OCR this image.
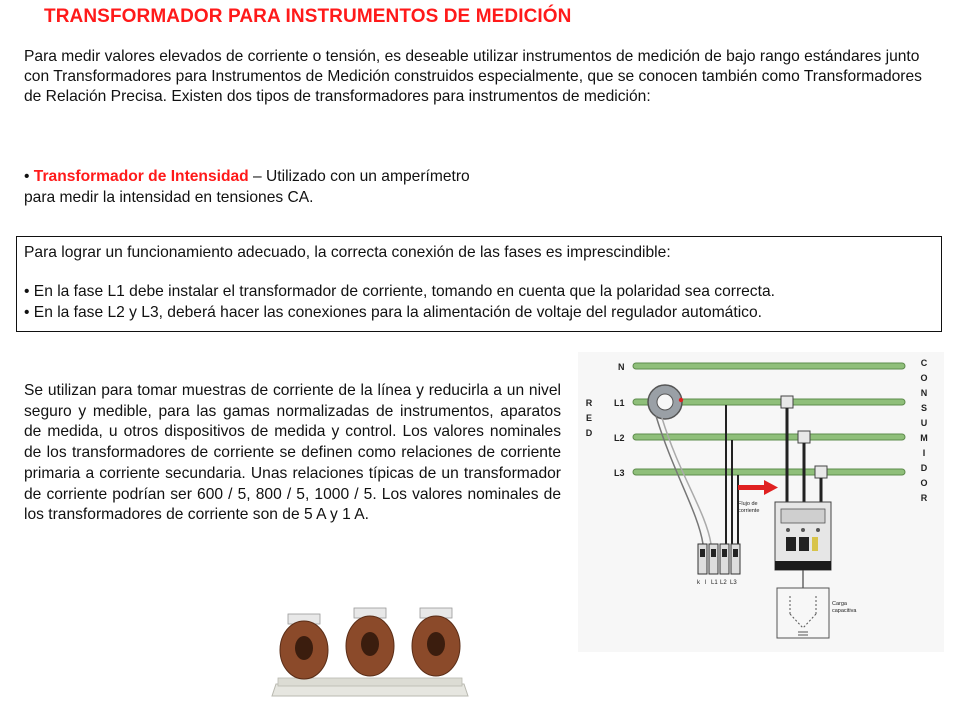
TRANSFORMADOR PARA INSTRUMENTOS DE MEDICIÓN

Para medir valores elevados de corriente o tensión, es deseable utilizar instrumentos de medición de bajo rango estándares junto con Transformadores para Instrumentos de Medición construidos especialmente, que se conocen también como Transformadores de Relación Precisa. Existen dos tipos de transformadores para instrumentos de medición:

• Transformador de Intensidad – Utilizado con un amperímetro
para medir la intensidad en tensiones CA.

Para lograr un funcionamiento adecuado, la correcta conexión de las fases es imprescindible:

• En la fase L1 debe instalar el transformador de corriente, tomando en cuenta que la polaridad sea correcta.

• En la fase L2 y L3, deberá hacer las conexiones para la alimentación de voltaje del regulador automático.

Se utilizan para tomar muestras de corriente de la línea y reducirla a un nivel seguro y medible, para las gamas normalizadas de instrumentos, aparatos de medida, u otros dispositivos de medida y control. Los valores nominales de los transformadores de corriente se definen como relaciones de corriente primaria a corriente secundaria. Unas relaciones típicas de un transformador de corriente podrían ser 600 / 5, 800 / 5, 1000 / 5. Los valores nominales de los transformadores de corriente son de 5 A y 1 A.

N
L1
L2
L3
k l L1 L2 L3
Flujo de
corriente
Carga
capacitiva
R
E
D
C
O
N
S
U
M
I
D
O
R
